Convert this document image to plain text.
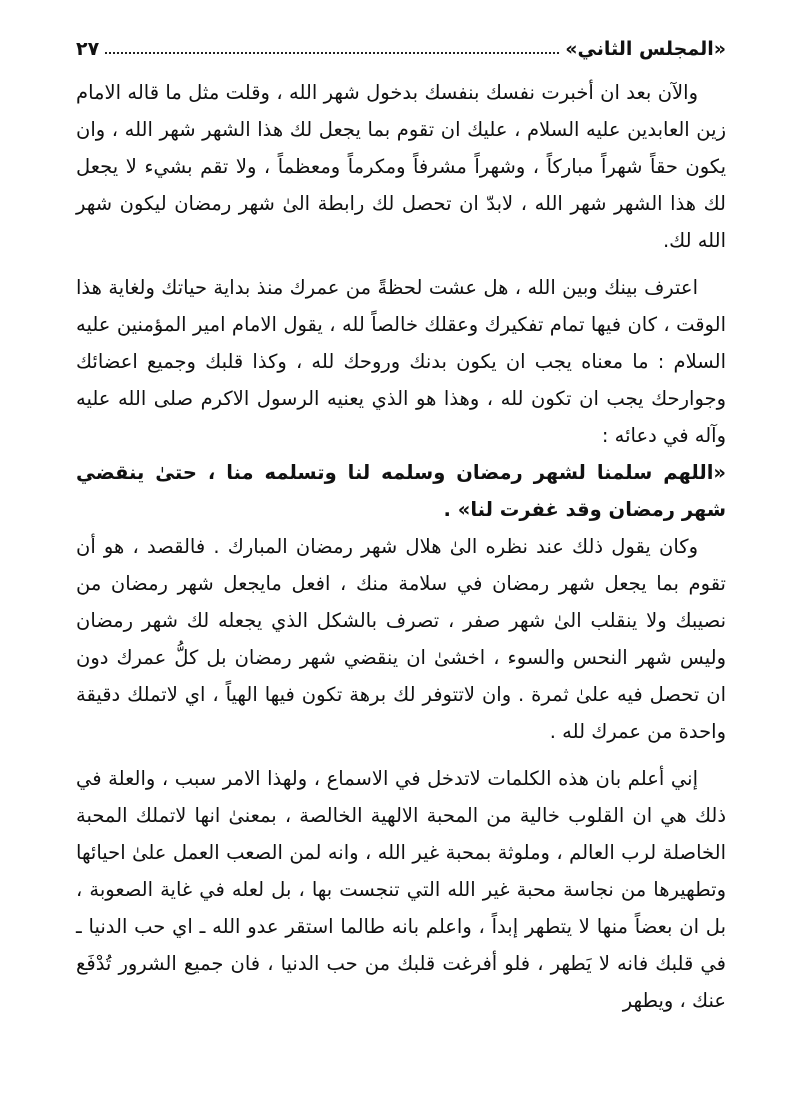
«المجلس الثاني»
٢٧

والآن بعد ان أخبرت نفسك بنفسك بدخول شهر الله ، وقلت مثل ما قاله الامام زين العابدين عليه السلام ، عليك ان تقوم بما يجعل لك هذا الشهر شهر الله ، وان يكون حقاً شهراً مباركاً ، وشهراً مشرفاً ومكرماً ومعظماً ، ولا تقم بشيء لا يجعل لك هذا الشهر شهر الله ، لابدّ ان تحصل لك رابطة الىٰ شهر رمضان ليكون شهر الله لك.

اعترف بينك وبين الله ، هل عشت لحظةً من عمرك منذ بداية حياتك ولغاية هذا الوقت ، كان فيها تمام تفكيرك وعقلك خالصاً لله ، يقول الامام امير المؤمنين عليه السلام : ما معناه يجب ان يكون بدنك وروحك لله ، وكذا قلبك وجميع اعضائك وجوارحك يجب ان تكون لله ، وهذا هو الذي يعنيه الرسول الاكرم صلى الله عليه وآله في دعائه :

«اللهم سلمنا لشهر رمضان وسلمه لنا وتسلمه منا ، حتىٰ ينقضي شهر رمضان وقد غفرت لنا» .

وكان يقول ذلك عند نظره الىٰ هلال شهر رمضان المبارك . فالقصد ، هو أن تقوم بما يجعل شهر رمضان في سلامة منك ، افعل مايجعل شهر رمضان من نصيبك ولا ينقلب الىٰ شهر صفر ، تصرف بالشكل الذي يجعله لك شهر رمضان وليس شهر النحس والسوء ، اخشىٰ ان ينقضي شهر رمضان بل كلُّ عمرك دون ان تحصل فيه علىٰ ثمرة . وان لاتتوفر لك برهة تكون فيها الهياً ، اي لاتملك دقيقة واحدة من عمرك لله .

إني أعلم بان هذه الكلمات لاتدخل في الاسماع ، ولهذا الامر سبب ، والعلة في ذلك هي ان القلوب خالية من المحبة الالهية الخالصة ، بمعنىٰ انها لاتملك المحبة الخاصلة لرب العالم ، وملوثة بمحبة غير الله ، وانه لمن الصعب العمل علىٰ احيائها وتطهيرها من نجاسة محبة غير الله التي تنجست بها ، بل لعله في غاية الصعوبة ، بل ان بعضاً منها لا يتطهر إبداً ، واعلم بانه طالما استقر عدو الله ـ اي حب الدنيا ـ في قلبك فانه لا يَطهر ، فلو أفرغت قلبك من حب الدنيا ، فان جميع الشرور تُدْفَع عنك ، ويطهر
